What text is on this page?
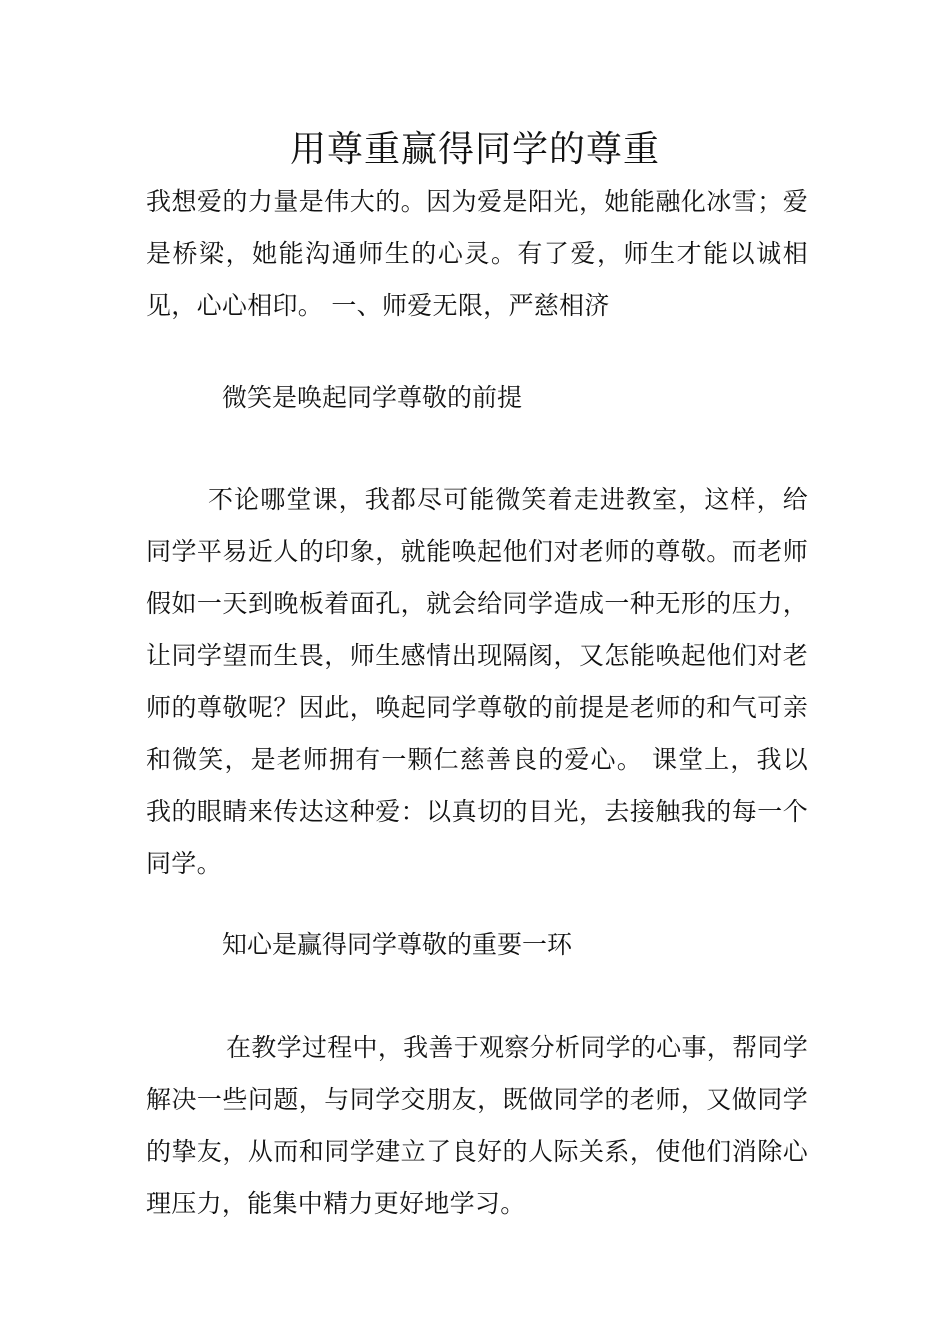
用尊重赢得同学的尊重

我想爱的力量是伟大的。因为爱是阳光，她能融化冰雪；爱是桥梁，她能沟通师生的心灵。有了爱，师生才能以诚相见，心心相印。 一、师爱无限，严慈相济

微笑是唤起同学尊敬的前提

不论哪堂课，我都尽可能微笑着走进教室，这样，给同学平易近人的印象，就能唤起他们对老师的尊敬。而老师假如一天到晚板着面孔，就会给同学造成一种无形的压力，让同学望而生畏，师生感情出现隔阂，又怎能唤起他们对老师的尊敬呢？因此，唤起同学尊敬的前提是老师的和气可亲和微笑，是老师拥有一颗仁慈善良的爱心。 课堂上，我以我的眼睛来传达这种爱：以真切的目光，去接触我的每一个同学。

知心是赢得同学尊敬的重要一环

在教学过程中，我善于观察分析同学的心事，帮同学解决一些问题，与同学交朋友，既做同学的老师，又做同学的挚友，从而和同学建立了良好的人际关系，使他们消除心理压力，能集中精力更好地学习。
